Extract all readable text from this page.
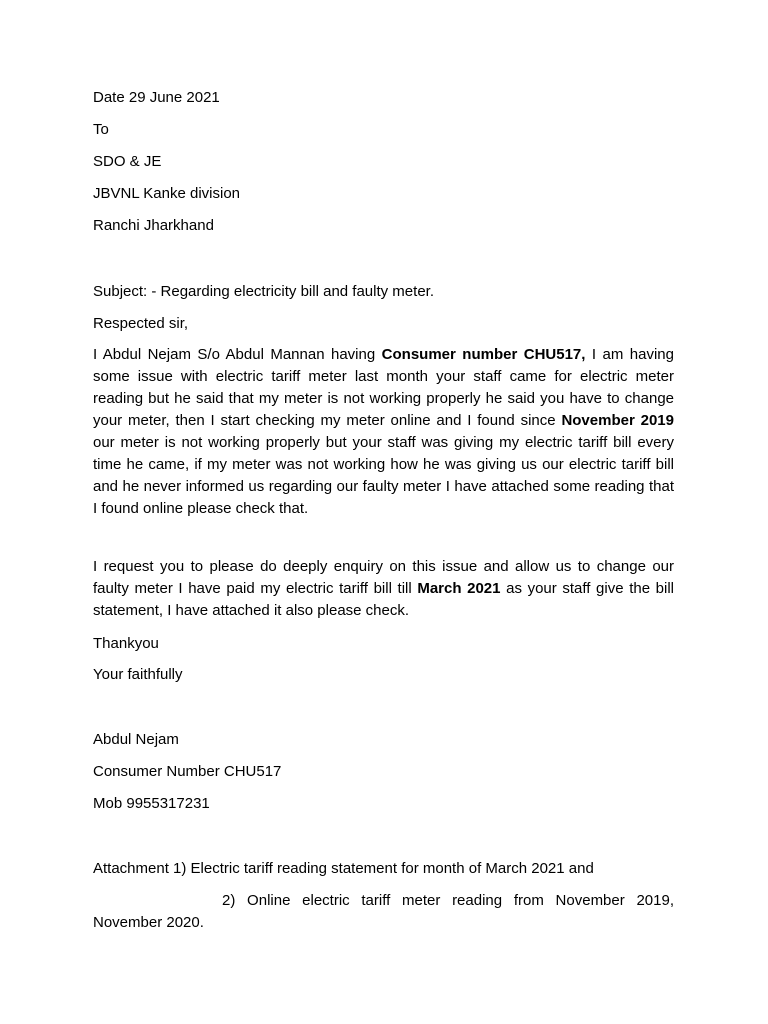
Date 29 June 2021
To
SDO & JE
JBVNL Kanke division
Ranchi Jharkhand
Subject: - Regarding electricity bill and faulty meter.
Respected sir,

I Abdul Nejam S/o Abdul Mannan having Consumer number CHU517, I am having some issue with electric tariff meter last month your staff came for electric meter reading but he said that my meter is not working properly he said you have to change your meter, then I start checking my meter online and I found since November 2019 our meter is not working properly but your staff was giving my electric tariff bill every time he came, if my meter was not working how he was giving us our electric tariff bill and he never informed us regarding our faulty meter I have attached some reading that I found online please check that.

I request you to please do deeply enquiry on this issue and allow us to change our faulty meter I have paid my electric tariff bill till March 2021 as your staff give the bill statement, I have attached it also please check.

Thankyou
Your faithfully
Abdul Nejam
Consumer Number CHU517
Mob 9955317231
Attachment 1) Electric tariff reading statement for month of March 2021 and

2) Online electric tariff meter reading from November 2019, November 2020.
